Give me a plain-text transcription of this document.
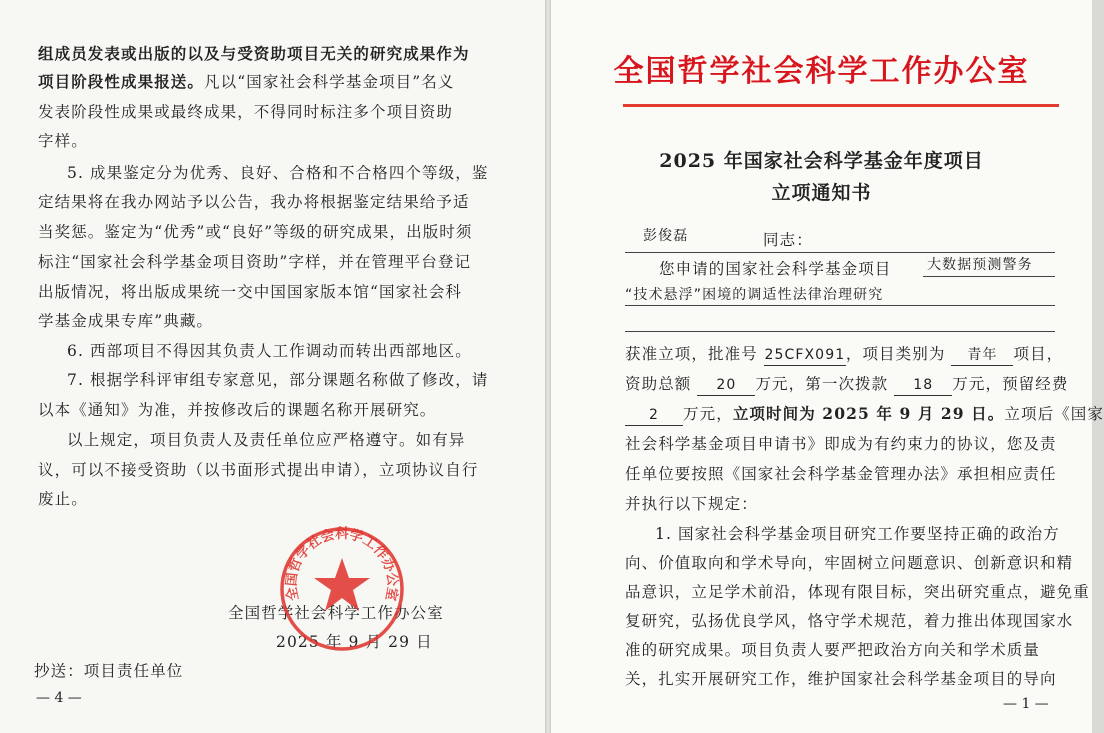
组成员发表或出版的以及与受资助项目无关的研究成果作为
项目阶段性成果报送。凡以“国家社会科学基金项目”名义
发表阶段性成果或最终成果，不得同时标注多个项目资助
字样。
5. 成果鉴定分为优秀、良好、合格和不合格四个等级，鉴
定结果将在我办网站予以公告，我办将根据鉴定结果给予适
当奖惩。鉴定为“优秀”或“良好”等级的研究成果，出版时须
标注“国家社会科学基金项目资助”字样，并在管理平台登记
出版情况，将出版成果统一交中国国家版本馆“国家社会科
学基金成果专库”典藏。
6. 西部项目不得因其负责人工作调动而转出西部地区。
7. 根据学科评审组专家意见，部分课题名称做了修改，请
以本《通知》为准，并按修改后的课题名称开展研究。
以上规定，项目负责人及责任单位应严格遵守。如有异
议，可以不接受资助（以书面形式提出申请），立项协议自行
废止。
全国哲学社会科学工作办公室
2025 年 9 月 29 日
全国哲学社会科学工作办公室
抄送：项目责任单位
— 4 —
全国哲学社会科学工作办公室
2025 年国家社会科学基金年度项目
立项通知书
彭俊磊	同志：
您申请的国家社会科学基金项目	大数据预测警务
“技术悬浮”困境的调适性法律治理研究
获准立项，批准号 25CFX091，项目类别为 青年 项目，
资助总额 20 万元，第一次拨款 18 万元，预留经费
2 万元，立项时间为 2025 年 9 月 29 日。立项后《国家
社会科学基金项目申请书》即成为有约束力的协议，您及责
任单位要按照《国家社会科学基金管理办法》承担相应责任
并执行以下规定：
1. 国家社会科学基金项目研究工作要坚持正确的政治方
向、价值取向和学术导向，牢固树立问题意识、创新意识和精
品意识，立足学术前沿，体现有限目标，突出研究重点，避免重
复研究，弘扬优良学风，恪守学术规范，着力推出体现国家水
准的研究成果。项目负责人要严把政治方向关和学术质量
关，扎实开展研究工作，维护国家社会科学基金项目的导向
— 1 —
